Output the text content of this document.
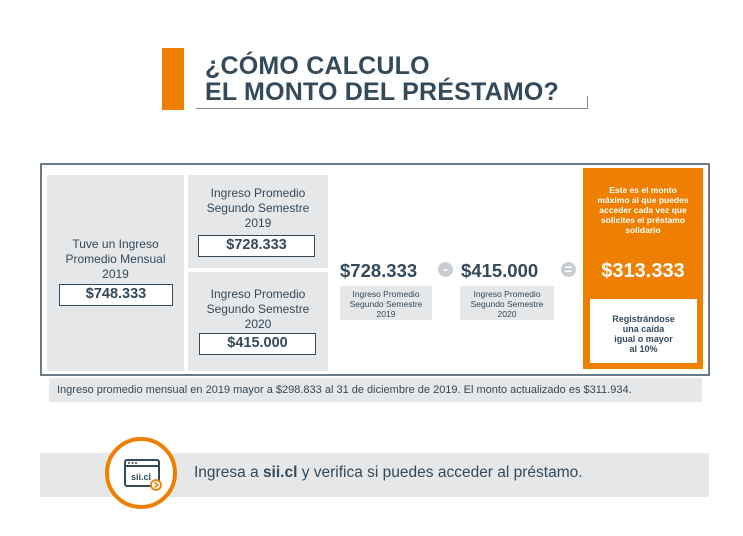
¿CÓMO CALCULO
EL MONTO DEL PRÉSTAMO?
Tuve un Ingreso Promedio Mensual 2019
$748.333
Ingreso Promedio Segundo Semestre 2019
$728.333
Ingreso Promedio Segundo Semestre 2020
$415.000
$728.333	- $415.000 =
Ingreso Promedio Segundo Semestre 2019
Ingreso Promedio Segundo Semestre 2020
Este es el monto máximo al que puedes acceder cada vez que solicites el préstamo solidario
$313.333
Registrándose una caída igual o mayor al 10%
Ingreso promedio mensual en 2019 mayor a $298.833 al 31 de diciembre de 2019. El monto actualizado es $311.934.
sii.cl	Ingresa a sii.cl y verifica si puedes acceder al préstamo.
